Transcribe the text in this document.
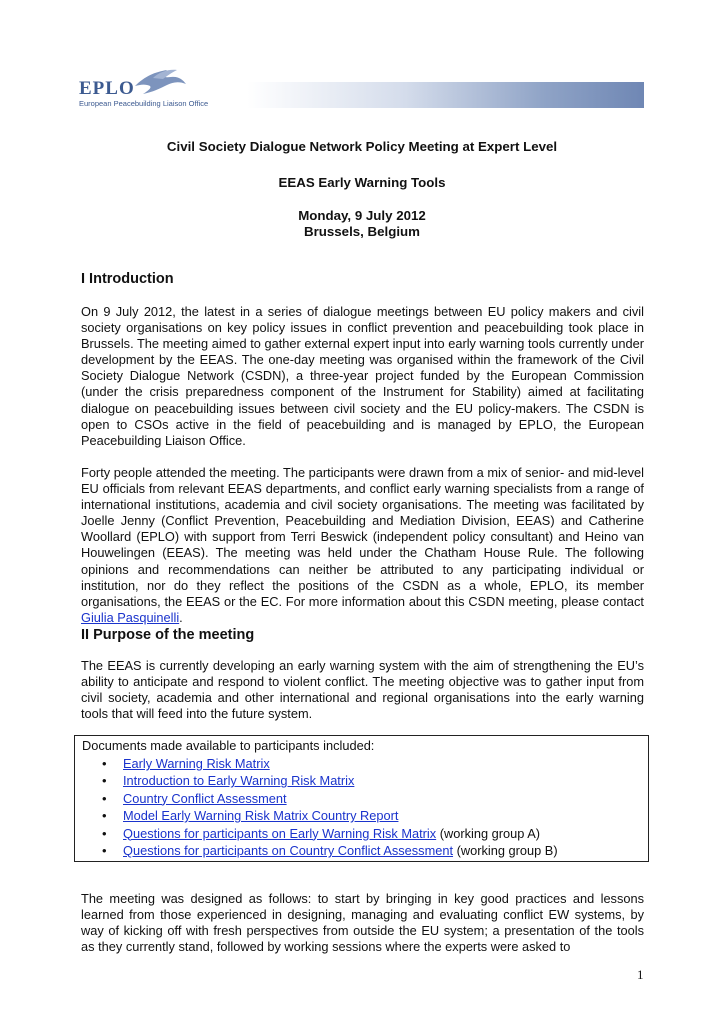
EPLO
European Peacebuilding Liaison Office
Civil Society Dialogue Network Policy Meeting at Expert Level
EEAS Early Warning Tools
Monday, 9 July 2012
Brussels, Belgium
I Introduction
On 9 July 2012, the latest in a series of dialogue meetings between EU policy makers and civil society organisations on key policy issues in conflict prevention and peacebuilding took place in Brussels. The meeting aimed to gather external expert input into early warning tools currently under development by the EEAS. The one-day meeting was organised within the framework of the Civil Society Dialogue Network (CSDN), a three-year project funded by the European Commission (under the crisis preparedness component of the Instrument for Stability) aimed at facilitating dialogue on peacebuilding issues between civil society and the EU policy-makers. The CSDN is open to CSOs active in the field of peacebuilding and is managed by EPLO, the European Peacebuilding Liaison Office.
Forty people attended the meeting. The participants were drawn from a mix of senior- and mid-level EU officials from relevant EEAS departments, and conflict early warning specialists from a range of international institutions, academia and civil society organisations. The meeting was facilitated by Joelle Jenny (Conflict Prevention, Peacebuilding and Mediation Division, EEAS) and Catherine Woollard (EPLO) with support from Terri Beswick (independent policy consultant) and Heino van Houwelingen (EEAS). The meeting was held under the Chatham House Rule. The following opinions and recommendations can neither be attributed to any participating individual or institution, nor do they reflect the positions of the CSDN as a whole, EPLO, its member organisations, the EEAS or the EC. For more information about this CSDN meeting, please contact Giulia Pasquinelli.
II Purpose of the meeting
The EEAS is currently developing an early warning system with the aim of strengthening the EU’s ability to anticipate and respond to violent conflict. The meeting objective was to gather input from civil society, academia and other international and regional organisations into the early warning tools that will feed into the future system.
Documents made available to participants included:
• Early Warning Risk Matrix
• Introduction to Early Warning Risk Matrix
• Country Conflict Assessment
• Model Early Warning Risk Matrix Country Report
• Questions for participants on Early Warning Risk Matrix (working group A)
• Questions for participants on Country Conflict Assessment (working group B)
The meeting was designed as follows: to start by bringing in key good practices and lessons learned from those experienced in designing, managing and evaluating conflict EW systems, by way of kicking off with fresh perspectives from outside the EU system; a presentation of the tools as they currently stand, followed by working sessions where the experts were asked to
1
